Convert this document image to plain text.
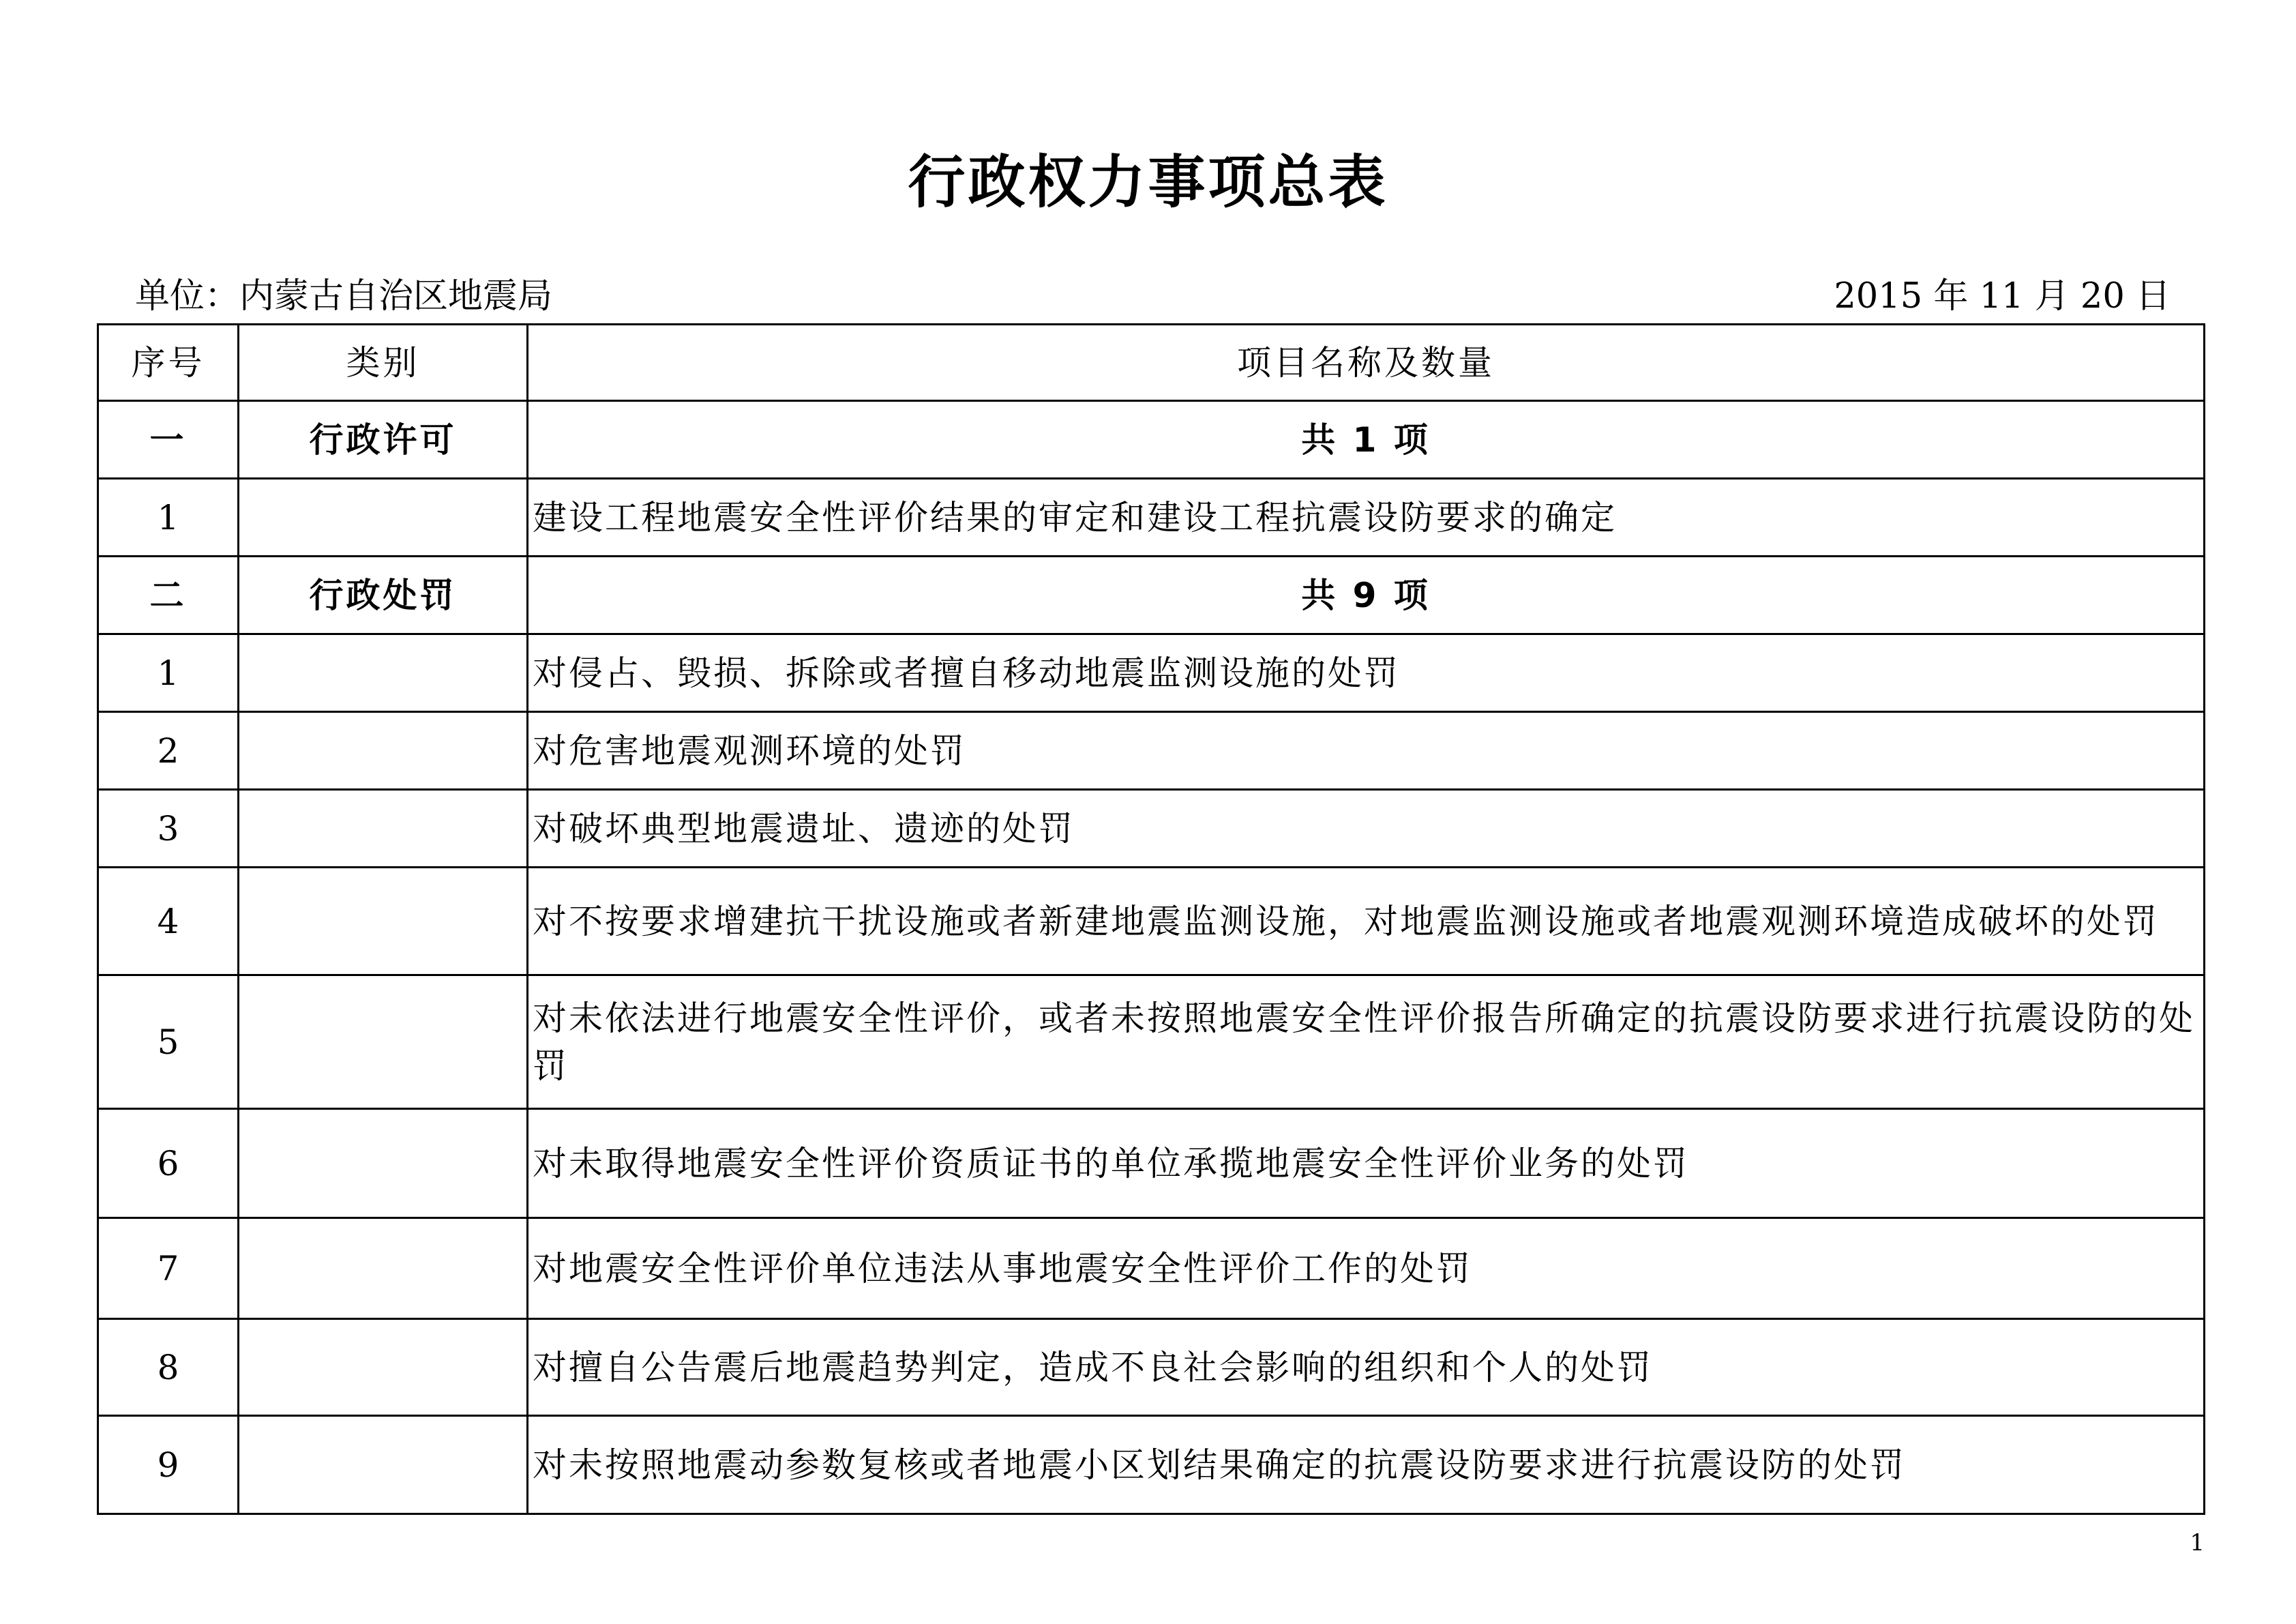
行政权力事项总表
单位：内蒙古自治区地震局	2015 年 11 月 20 日
序号	类别	项目名称及数量
一	行政许可	共 1 项
1		建设工程地震安全性评价结果的审定和建设工程抗震设防要求的确定
二	行政处罚	共 9 项
1		对侵占、毁损、拆除或者擅自移动地震监测设施的处罚
2		对危害地震观测环境的处罚
3		对破坏典型地震遗址、遗迹的处罚
4		对不按要求增建抗干扰设施或者新建地震监测设施，对地震监测设施或者地震观测环境造成破坏的处罚
5		对未依法进行地震安全性评价，或者未按照地震安全性评价报告所确定的抗震设防要求进行抗震设防的处罚
6		对未取得地震安全性评价资质证书的单位承揽地震安全性评价业务的处罚
7		对地震安全性评价单位违法从事地震安全性评价工作的处罚
8		对擅自公告震后地震趋势判定，造成不良社会影响的组织和个人的处罚
9		对未按照地震动参数复核或者地震小区划结果确定的抗震设防要求进行抗震设防的处罚
1
